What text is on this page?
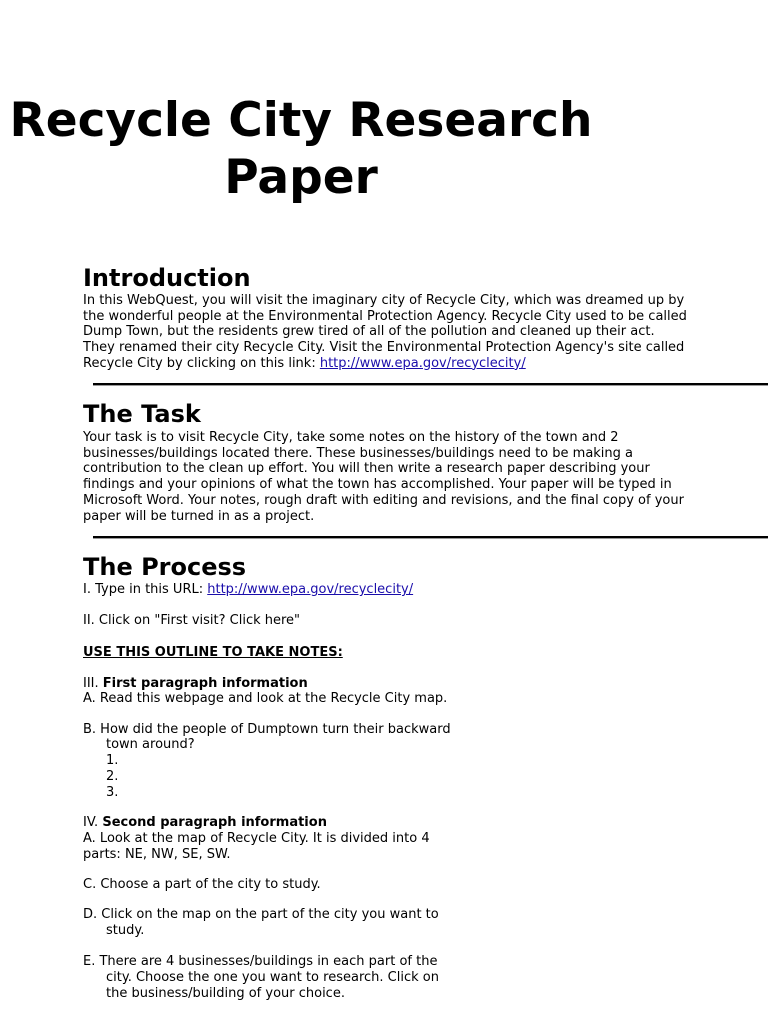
Recycle City Research
Paper
Introduction
In this WebQuest, you will visit the imaginary city of Recycle City, which was dreamed up by
the wonderful people at the Environmental Protection Agency. Recycle City used to be called
Dump Town, but the residents grew tired of all of the pollution and cleaned up their act.
They renamed their city Recycle City. Visit the Environmental Protection Agency's site called
Recycle City by clicking on this link: http://www.epa.gov/recyclecity/
The Task
Your task is to visit Recycle City, take some notes on the history of the town and 2
businesses/buildings located there. These businesses/buildings need to be making a
contribution to the clean up effort. You will then write a research paper describing your
findings and your opinions of what the town has accomplished. Your paper will be typed in
Microsoft Word. Your notes, rough draft with editing and revisions, and the final copy of your
paper will be turned in as a project.
The Process
I. Type in this URL: http://www.epa.gov/recyclecity/
II. Click on "First visit? Click here"
USE THIS OUTLINE TO TAKE NOTES:
III. First paragraph information
A. Read this webpage and look at the Recycle City map.
B. How did the people of Dumptown turn their backward
town around?
1.
2.
3.
IV. Second paragraph information
A. Look at the map of Recycle City. It is divided into 4
parts: NE, NW, SE, SW.
C. Choose a part of the city to study.
D. Click on the map on the part of the city you want to
study.
E. There are 4 businesses/buildings in each part of the
city. Choose the one you want to research. Click on
the business/building of your choice.
